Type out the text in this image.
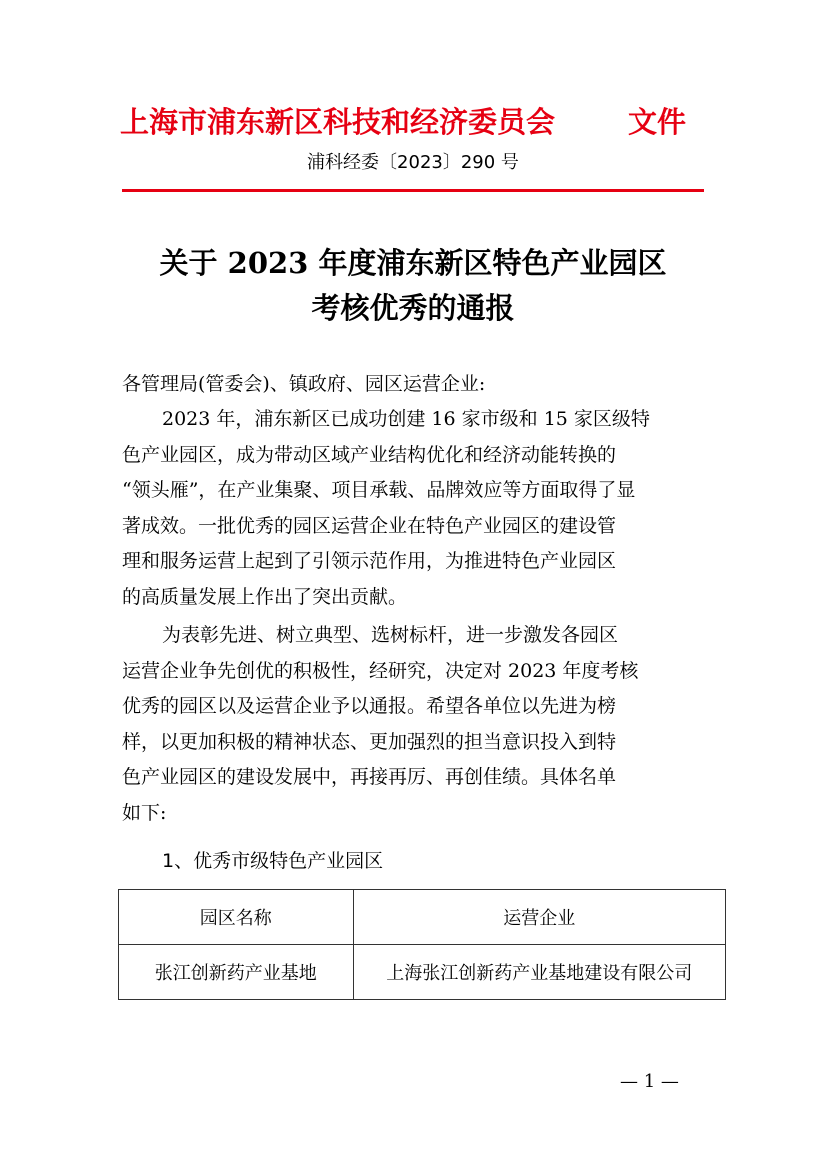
上海市浦东新区科技和经济委员会	文件
浦科经委〔2023〕290 号
关于 2023 年度浦东新区特色产业园区
考核优秀的通报
各管理局(管委会)、镇政府、园区运营企业:

2023 年，浦东新区已成功创建 16 家市级和 15 家区级特
色产业园区，成为带动区域产业结构优化和经济动能转换的
“领头雁”，在产业集聚、项目承载、品牌效应等方面取得了显
著成效。一批优秀的园区运营企业在特色产业园区的建设管
理和服务运营上起到了引领示范作用，为推进特色产业园区
的高质量发展上作出了突出贡献。

为表彰先进、树立典型、选树标杆，进一步激发各园区
运营企业争先创优的积极性，经研究，决定对 2023 年度考核
优秀的园区以及运营企业予以通报。希望各单位以先进为榜
样，以更加积极的精神状态、更加强烈的担当意识投入到特
色产业园区的建设发展中，再接再厉、再创佳绩。具体名单
如下:

1、优秀市级特色产业园区
园区名称	运营企业
张江创新药产业基地	上海张江创新药产业基地建设有限公司
— 1 —
